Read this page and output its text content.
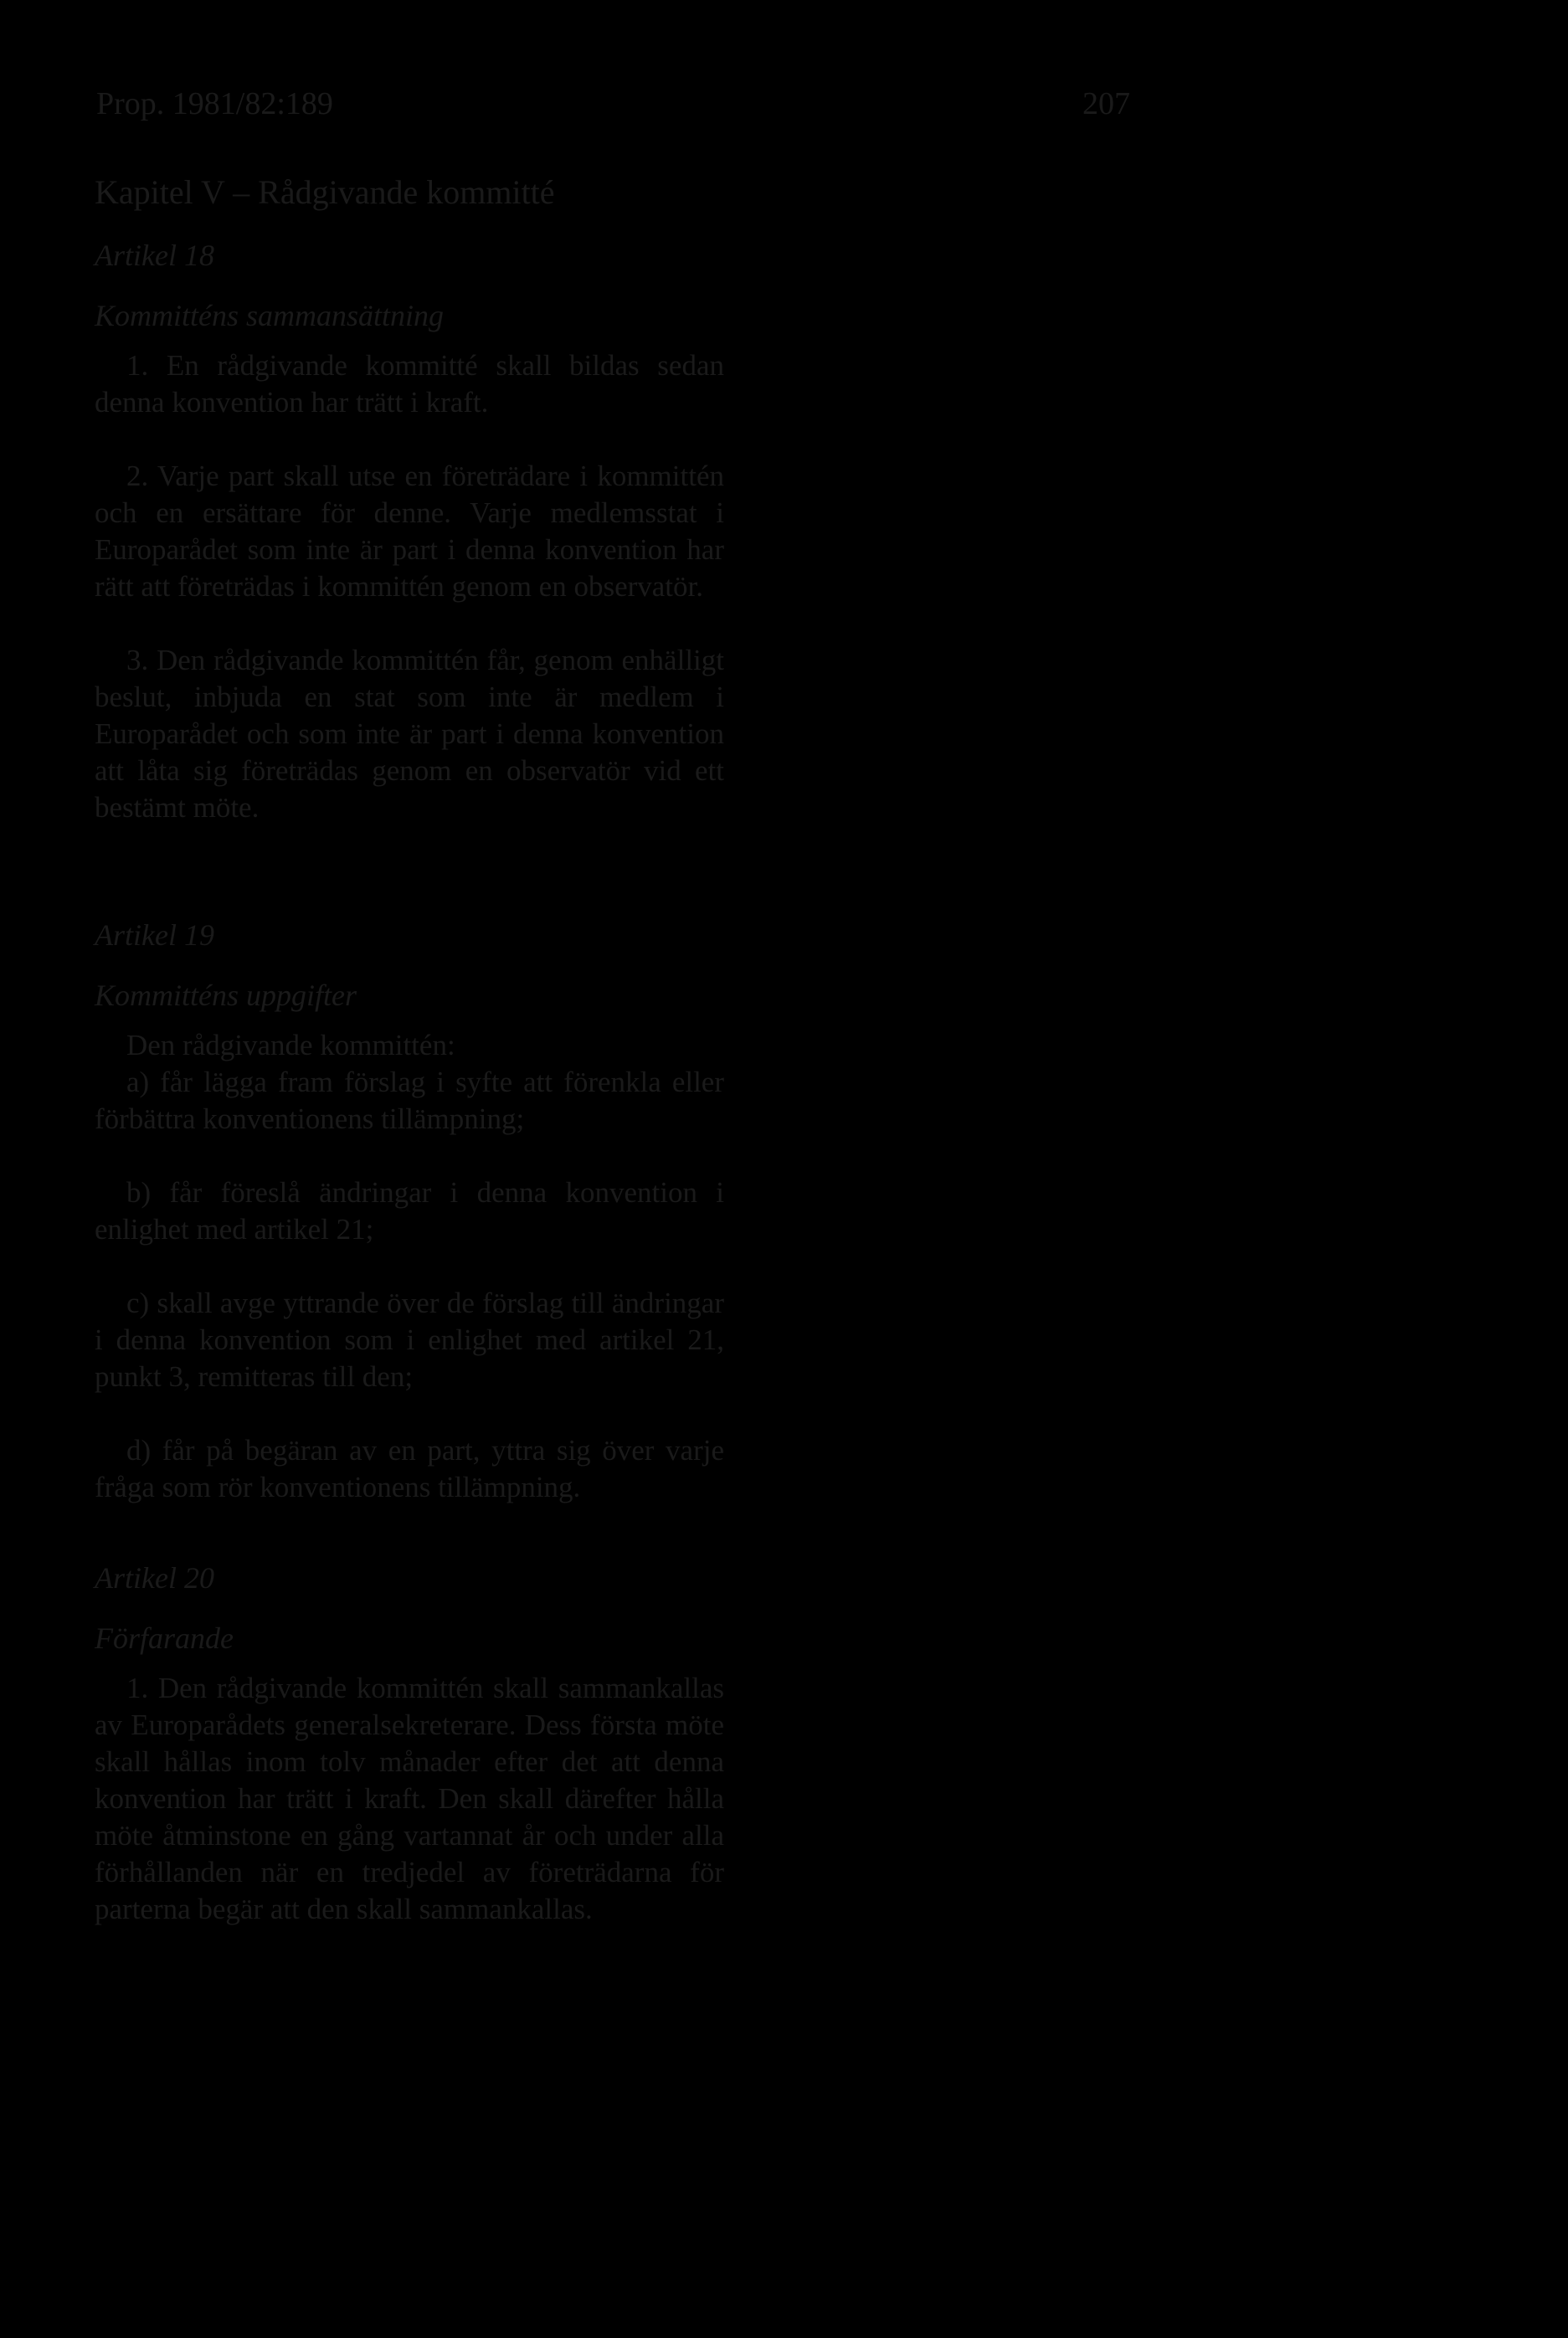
Prop. 1981/82:189	207
Kapitel V – Rådgivande kommitté

Artikel 18

Kommitténs sammansättning

1. En rådgivande kommitté skall bildas sedan denna konvention har trätt i kraft.

2. Varje part skall utse en företrädare i kommittén och en ersättare för denne. Varje medlemsstat i Europarådet som inte är part i denna konvention har rätt att företrädas i kommittén genom en observatör.

3. Den rådgivande kommittén får, genom enhälligt beslut, inbjuda en stat som inte är medlem i Europarådet och som inte är part i denna konvention att låta sig företrädas genom en observatör vid ett bestämt möte.

Artikel 19

Kommitténs uppgifter

Den rådgivande kommittén:

a) får lägga fram förslag i syfte att förenkla eller förbättra konventionens tillämpning;

b) får föreslå ändringar i denna konvention i enlighet med artikel 21;

c) skall avge yttrande över de förslag till ändringar i denna konvention som i enlighet med artikel 21, punkt 3, remitteras till den;

d) får på begäran av en part, yttra sig över varje fråga som rör konventionens tillämpning.

Artikel 20

Förfarande

1. Den rådgivande kommittén skall sammankallas av Europarådets generalsekreterare. Dess första möte skall hållas inom tolv månader efter det att denna konvention har trätt i kraft. Den skall därefter hålla möte åtminstone en gång vartannat år och under alla förhållanden när en tredjedel av företrädarna för parterna begär att den skall sammankallas.
